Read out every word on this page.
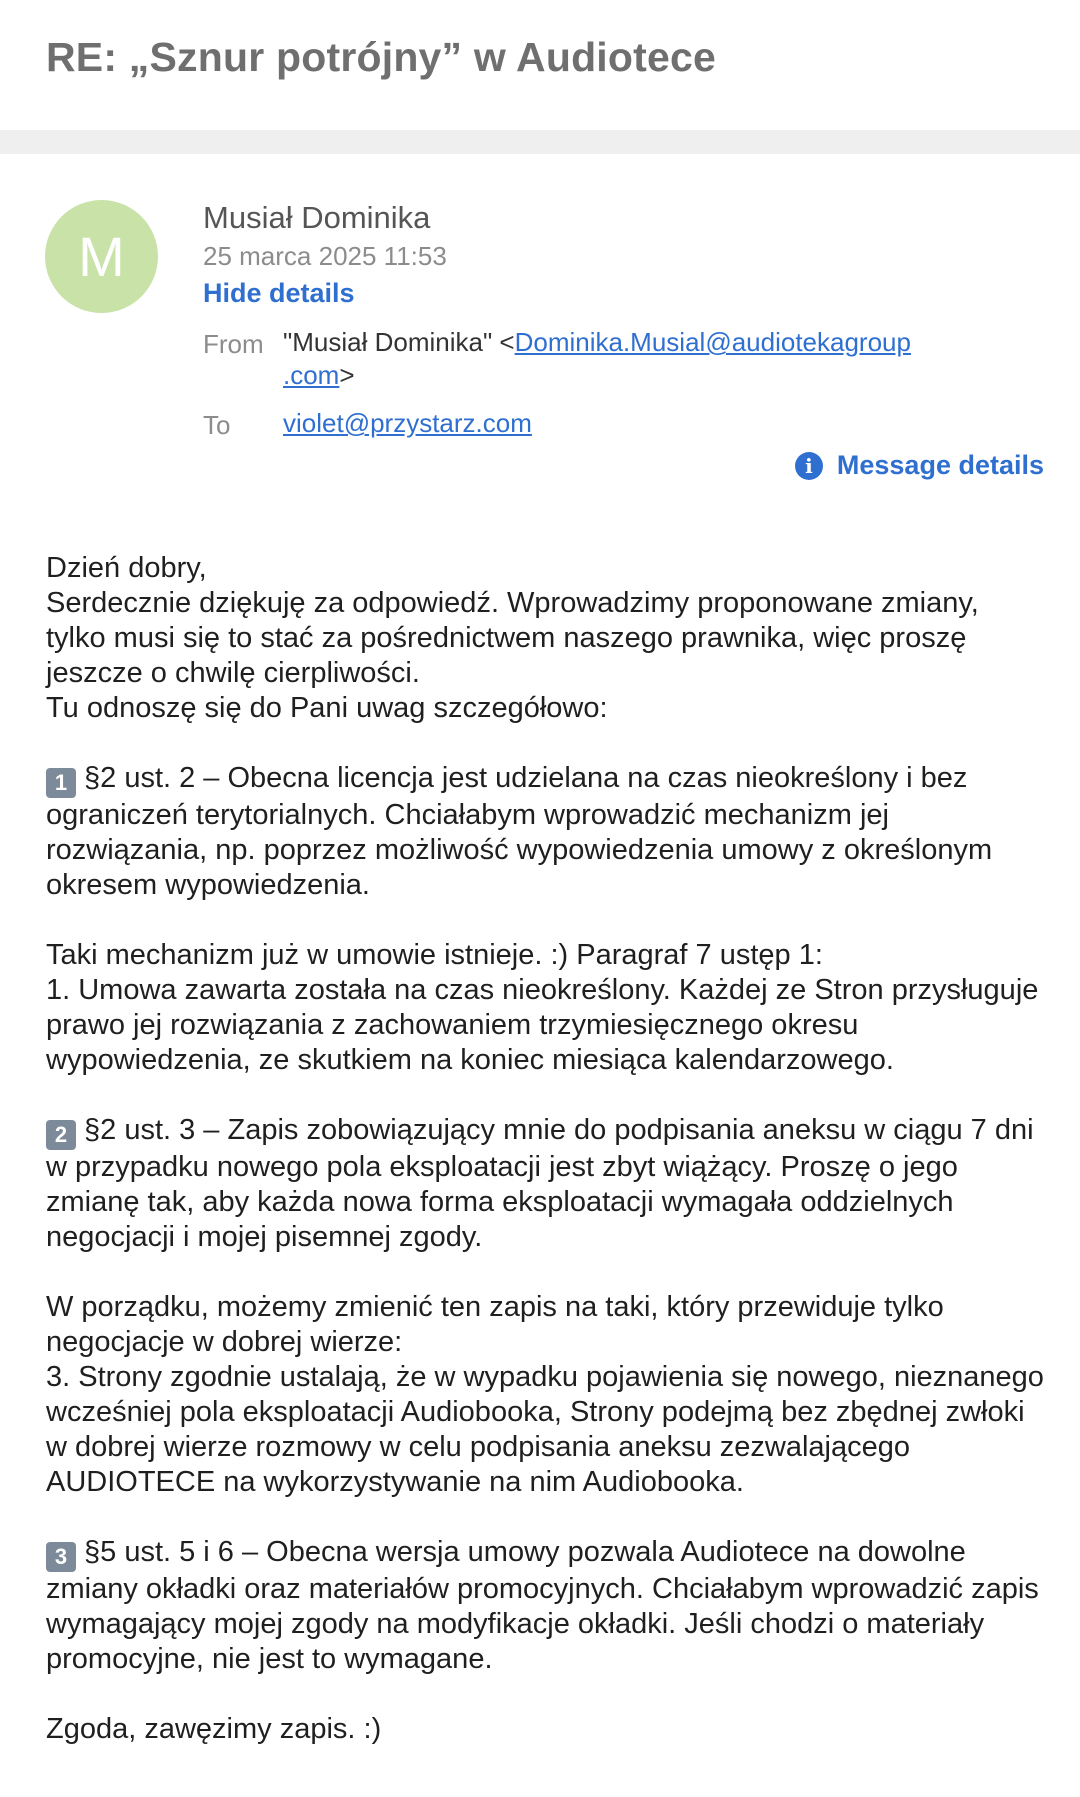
RE: „Sznur potrójny” w Audiotece
M
Musiał Dominika
25 marca 2025 11:53
Hide details
From "Musiał Dominika" <Dominika.Musial@audiotekagroup
.com>
To violet@przystarz.com
i Message details

Dzień dobry,

Serdecznie dziękuję za odpowiedź. Wprowadzimy proponowane zmiany, tylko musi się to stać za pośrednictwem naszego prawnika, więc proszę jeszcze o chwilę cierpliwości.

Tu odnoszę się do Pani uwag szczegółowo:

1 §2 ust. 2 – Obecna licencja jest udzielana na czas nieokreślony i bez ograniczeń terytorialnych. Chciałabym wprowadzić mechanizm jej rozwiązania, np. poprzez możliwość wypowiedzenia umowy z określonym okresem wypowiedzenia.

Taki mechanizm już w umowie istnieje. :) Paragraf 7 ustęp 1:

1. Umowa zawarta została na czas nieokreślony. Każdej ze Stron przysługuje prawo jej rozwiązania z zachowaniem trzymiesięcznego okresu wypowiedzenia, ze skutkiem na koniec miesiąca kalendarzowego.

2 §2 ust. 3 – Zapis zobowiązujący mnie do podpisania aneksu w ciągu 7 dni w przypadku nowego pola eksploatacji jest zbyt wiążący. Proszę o jego zmianę tak, aby każda nowa forma eksploatacji wymagała oddzielnych negocjacji i mojej pisemnej zgody.

W porządku, możemy zmienić ten zapis na taki, który przewiduje tylko negocjacje w dobrej wierze:

3. Strony zgodnie ustalają, że w wypadku pojawienia się nowego, nieznanego wcześniej pola eksploatacji Audiobooka, Strony podejmą bez zbędnej zwłoki w dobrej wierze rozmowy w celu podpisania aneksu zezwalającego AUDIOTECE na wykorzystywanie na nim Audiobooka.

3 §5 ust. 5 i 6 – Obecna wersja umowy pozwala Audiotece na dowolne zmiany okładki oraz materiałów promocyjnych. Chciałabym wprowadzić zapis wymagający mojej zgody na modyfikacje okładki. Jeśli chodzi o materiały promocyjne, nie jest to wymagane.

Zgoda, zawęzimy zapis. :)
